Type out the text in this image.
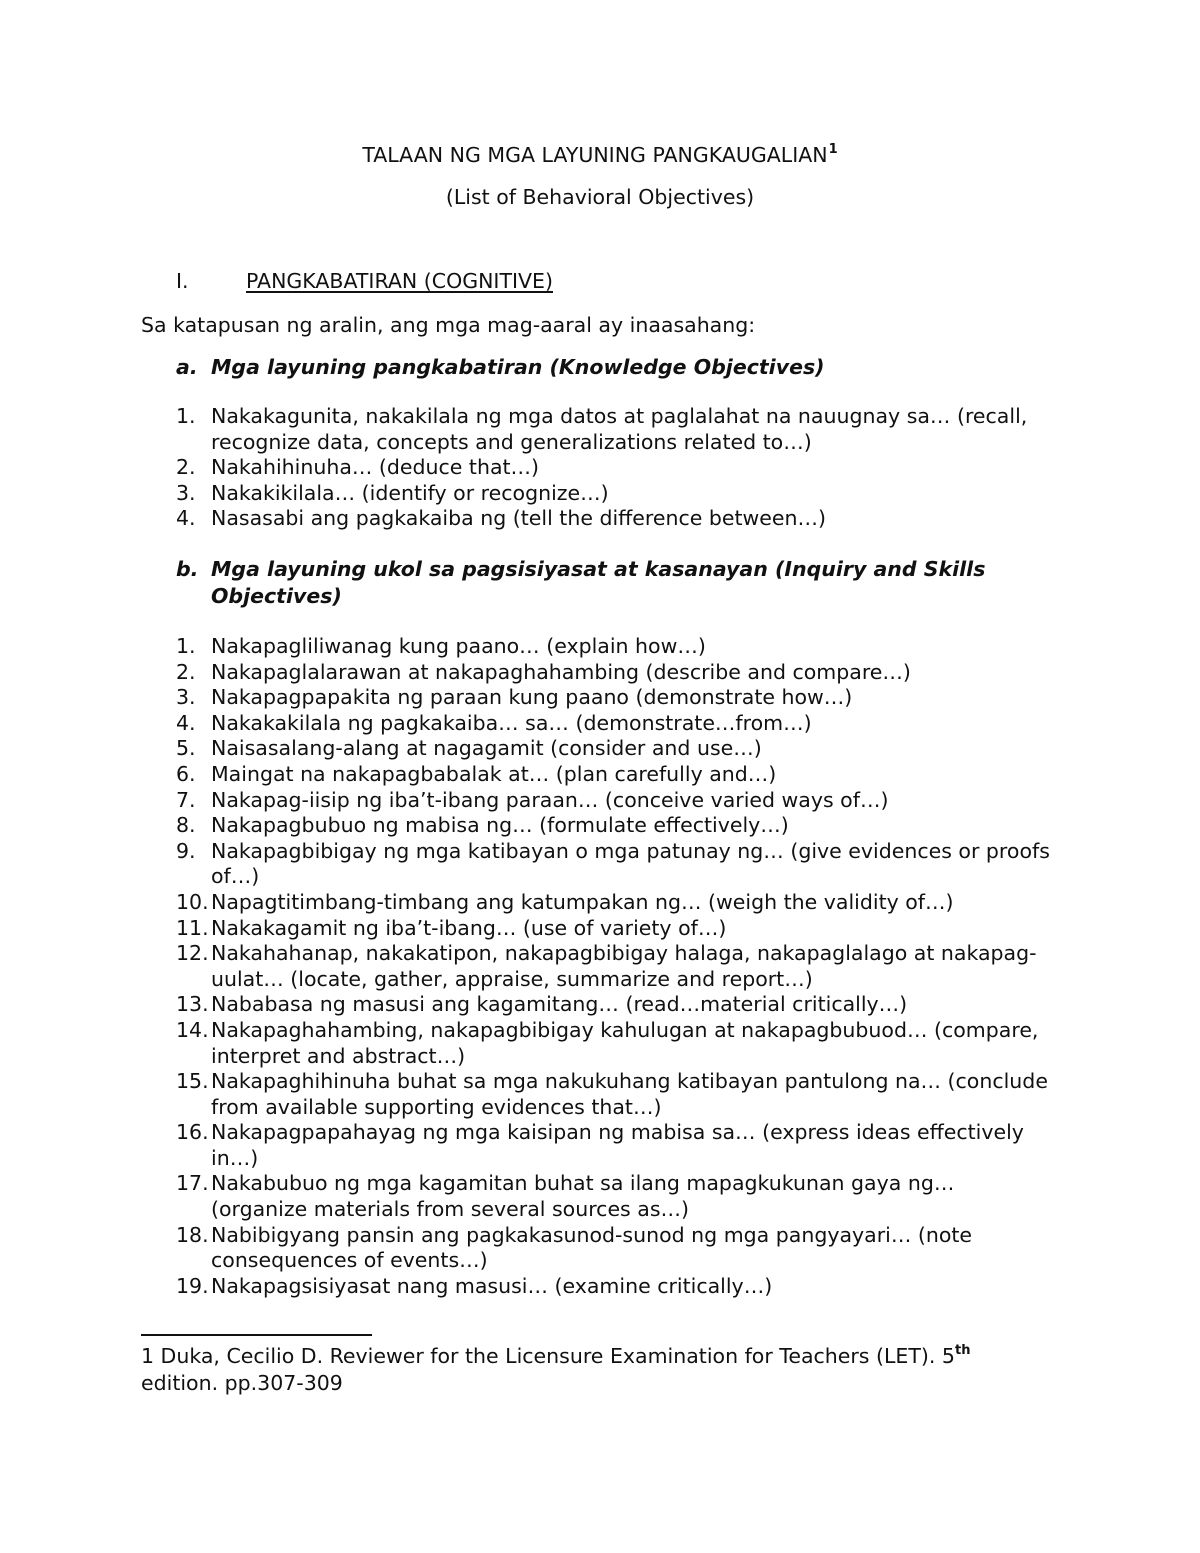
TALAAN NG MGA LAYUNING PANGKAUGALIAN$^1$
(List of Behavioral Objectives)
I.	PANGKABATIRAN (COGNITIVE)
Sa katapusan ng aralin, ang mga mag-aaral ay inaasahang:
a. Mga layuning pangkabatiran (Knowledge Objectives)
1. Nakakagunita, nakakilala ng mga datos at paglalahat na nauugnay sa… (recall, recognize data, concepts and generalizations related to…)
2. Nakahihinuha… (deduce that…)
3. Nakakikilala… (identify or recognize…)
4. Nasasabi ang pagkakaiba ng (tell the difference between…)
b. Mga layuning ukol sa pagsisiyasat at kasanayan (Inquiry and Skills Objectives)
1. Nakapagliliwanag kung paano… (explain how…)
2. Nakapaglalarawan at nakapaghahambing (describe and compare…)
3. Nakapagpapakita ng paraan kung paano (demonstrate how…)
4. Nakakakilala ng pagkakaiba… sa… (demonstrate…from…)
5. Naisasalang-alang at nagagamit (consider and use…)
6. Maingat na nakapagbabalak at… (plan carefully and…)
7. Nakapag-iisip ng iba’t-ibang paraan… (conceive varied ways of…)
8. Nakapagbubuo ng mabisa ng… (formulate effectively…)
9. Nakapagbibigay ng mga katibayan o mga patunay ng… (give evidences or proofs of…)
10. Napagtitimbang-timbang ang katumpakan ng… (weigh the validity of…)
11. Nakakagamit ng iba’t-ibang… (use of variety of…)
12. Nakahahanap, nakakatipon, nakapagbibigay halaga, nakapaglalago at nakapag-uulat… (locate, gather, appraise, summarize and report…)
13. Nababasa ng masusi ang kagamitang… (read…material critically…)
14. Nakapaghahambing, nakapagbibigay kahulugan at nakapagbubuod… (compare, interpret and abstract…)
15. Nakapaghihinuha buhat sa mga nakukuhang katibayan pantulong na… (conclude from available supporting evidences that…)
16. Nakapagpapahayag ng mga kaisipan ng mabisa sa… (express ideas effectively in…)
17. Nakabubuo ng mga kagamitan buhat sa ilang mapagkukunan gaya ng… (organize materials from several sources as…)
18. Nabibigyang pansin ang pagkakasunod-sunod ng mga pangyayari… (note consequences of events…)
19. Nakapagsisiyasat nang masusi… (examine critically…)
1 Duka, Cecilio D. Reviewer for the Licensure Examination for Teachers (LET). 5th edition. pp.307-309
